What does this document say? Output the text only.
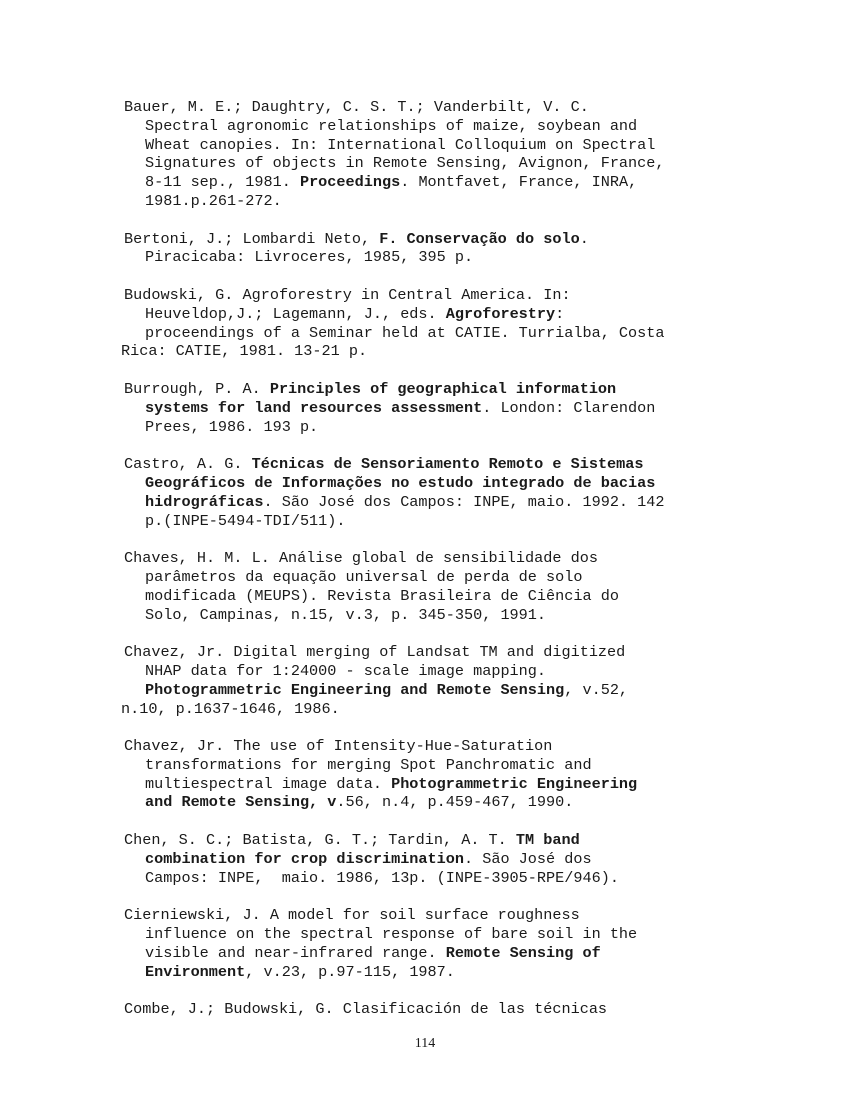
Bauer, M. E.; Daughtry, C. S. T.; Vanderbilt, V. C.
Spectral agronomic relationships of maize, soybean and
Wheat canopies. In: International Colloquium on Spectral
Signatures of objects in Remote Sensing, Avignon, France,
8-11 sep., 1981. Proceedings. Montfavet, France, INRA,
1981.p.261-272.
Bertoni, J.; Lombardi Neto, F. Conservação do solo.
Piracicaba: Livroceres, 1985, 395 p.
Budowski, G. Agroforestry in Central America. In:
Heuveldop,J.; Lagemann, J., eds. Agroforestry:
proceendings of a Seminar held at CATIE. Turrialba, Costa
Rica: CATIE, 1981. 13-21 p.
Burrough, P. A. Principles of geographical information
systems for land resources assessment. London: Clarendon
Prees, 1986. 193 p.
Castro, A. G. Técnicas de Sensoriamento Remoto e Sistemas
Geográficos de Informações no estudo integrado de bacias
hidrográficas. São José dos Campos: INPE, maio. 1992. 142
p.(INPE-5494-TDI/511).
Chaves, H. M. L. Análise global de sensibilidade dos
parâmetros da equação universal de perda de solo
modificada (MEUPS). Revista Brasileira de Ciência do
Solo, Campinas, n.15, v.3, p. 345-350, 1991.
Chavez, Jr. Digital merging of Landsat TM and digitized
NHAP data for 1:24000 - scale image mapping.
Photogrammetric Engineering and Remote Sensing, v.52,
n.10, p.1637-1646, 1986.
Chavez, Jr. The use of Intensity-Hue-Saturation
transformations for merging Spot Panchromatic and
multiespectral image data. Photogrammetric Engineering
and Remote Sensing, v.56, n.4, p.459-467, 1990.
Chen, S. C.; Batista, G. T.; Tardin, A. T. TM band
combination for crop discrimination. São José dos
Campos: INPE,  maio. 1986, 13p. (INPE-3905-RPE/946).
Cierniewski, J. A model for soil surface roughness
influence on the spectral response of bare soil in the
visible and near-infrared range. Remote Sensing of
Environment, v.23, p.97-115, 1987.
Combe, J.; Budowski, G. Clasificación de las técnicas
114
